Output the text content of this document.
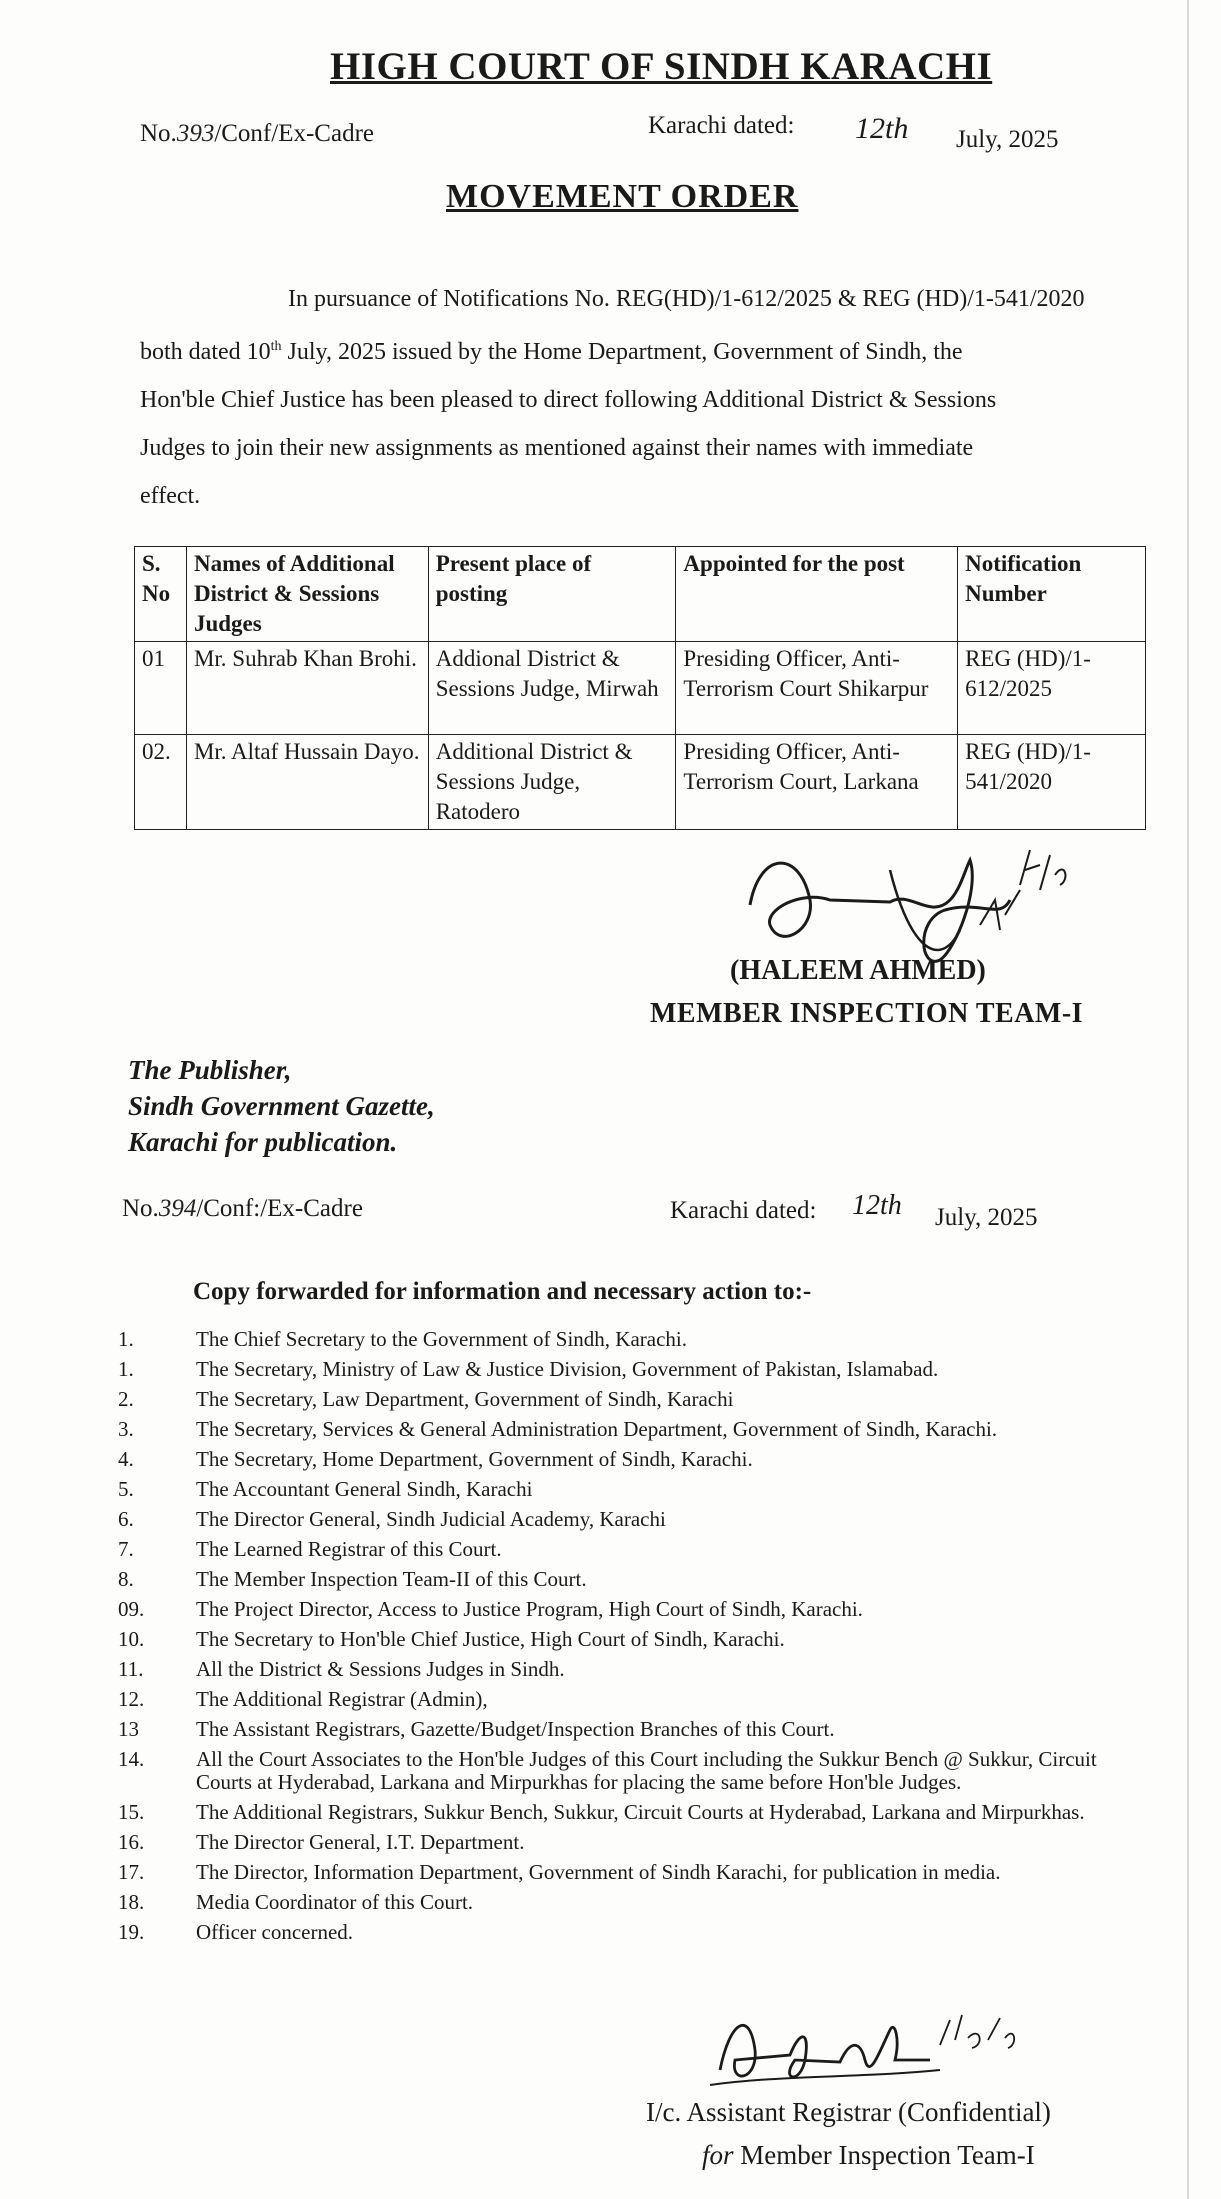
HIGH COURT OF SINDH KARACHI
No.393/Conf/Ex-Cadre	Karachi dated: 12th July, 2025
MOVEMENT ORDER
In pursuance of Notifications No. REG(HD)/1-612/2025 & REG (HD)/1-541/2020
both dated 10th July, 2025 issued by the Home Department, Government of Sindh, the
Hon'ble Chief Justice has been pleased to direct following Additional District & Sessions
Judges to join their new assignments as mentioned against their names with immediate
effect.
S. No	Names of Additional District & Sessions Judges	Present place of posting	Appointed for the post	Notification Number
01	Mr. Suhrab Khan Brohi.	Addional District & Sessions Judge, Mirwah	Presiding Officer, Anti-Terrorism Court Shikarpur	REG (HD)/1-612/2025
02.	Mr. Altaf Hussain Dayo.	Additional District & Sessions Judge, Ratodero	Presiding Officer, Anti-Terrorism Court, Larkana	REG (HD)/1-541/2020
(HALEEM AHMED)
MEMBER INSPECTION TEAM-I
The Publisher,
Sindh Government Gazette,
Karachi for publication.
No.394/Conf:/Ex-Cadre	Karachi dated: 12th July, 2025
Copy forwarded for information and necessary action to:-
1.	The Chief Secretary to the Government of Sindh, Karachi.
1.	The Secretary, Ministry of Law & Justice Division, Government of Pakistan, Islamabad.
2.	The Secretary, Law Department, Government of Sindh, Karachi
3.	The Secretary, Services & General Administration Department, Government of Sindh, Karachi.
4.	The Secretary, Home Department, Government of Sindh, Karachi.
5.	The Accountant General Sindh, Karachi
6.	The Director General, Sindh Judicial Academy, Karachi
7.	The Learned Registrar of this Court.
8.	The Member Inspection Team-II of this Court.
09.	The Project Director, Access to Justice Program, High Court of Sindh, Karachi.
10.	The Secretary to Hon'ble Chief Justice, High Court of Sindh, Karachi.
11.	All the District & Sessions Judges in Sindh.
12.	The Additional Registrar (Admin),
13	The Assistant Registrars, Gazette/Budget/Inspection Branches of this Court.
14.	All the Court Associates to the Hon'ble Judges of this Court including the Sukkur Bench @ Sukkur, Circuit Courts at Hyderabad, Larkana and Mirpurkhas for placing the same before Hon'ble Judges.
15.	The Additional Registrars, Sukkur Bench, Sukkur, Circuit Courts at Hyderabad, Larkana and Mirpurkhas.
16.	The Director General, I.T. Department.
17.	The Director, Information Department, Government of Sindh Karachi, for publication in media.
18.	Media Coordinator of this Court.
19.	Officer concerned.
I/c. Assistant Registrar (Confidential)
for Member Inspection Team-I
